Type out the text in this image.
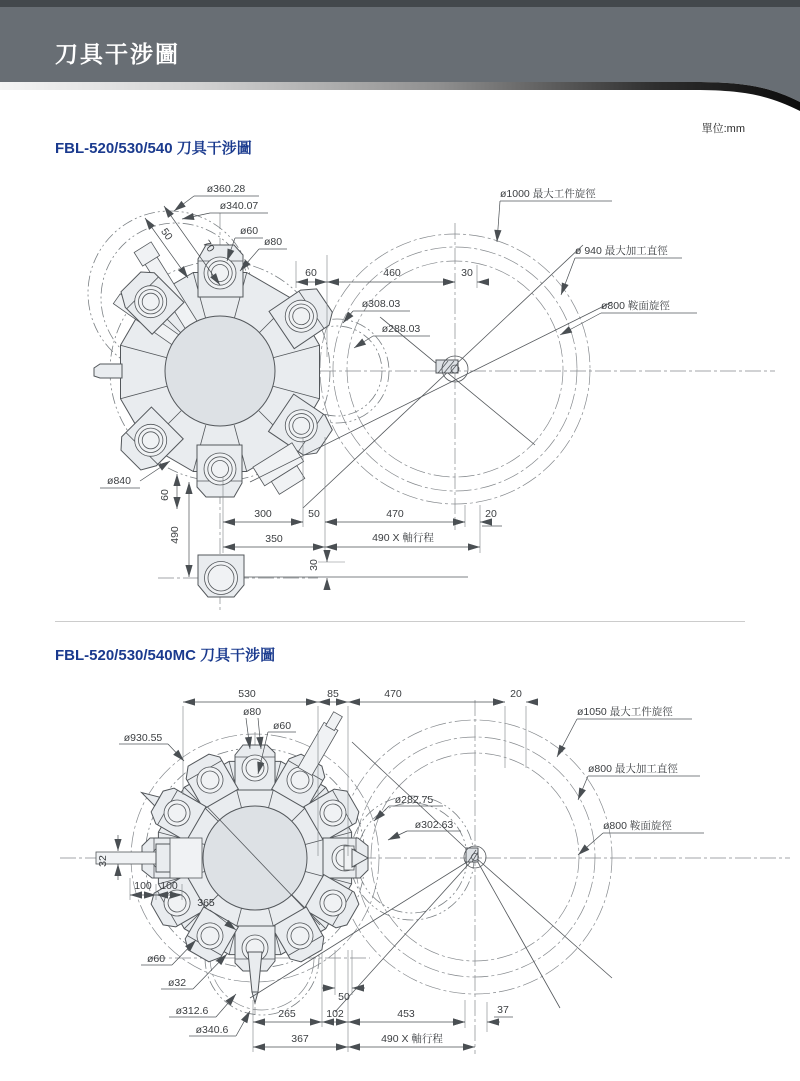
刀具干涉圖
單位:mm
FBL-520/530/540 刀具干涉圖
FBL-520/530/540MC 刀具干涉圖
ø360.28
ø340.07
ø60
ø80
50
70
60	460	30
ø1000 最大工件旋徑
ø 940 最大加工直徑
ø800 鞍面旋徑
ø308.03
ø288.03
ø840
60
490
300	50	470	20
350	490 X 軸行程
30
530	85	470	20
ø80
ø60
ø930.55
ø1050 最大工件旋徑
ø800 最大加工直徑
ø800 鞍面旋徑
ø282.75
ø302.63
32
100 100
365
ø60
ø32
ø312.6
ø340.6
50
265	102	453	37
367	490 X 軸行程
